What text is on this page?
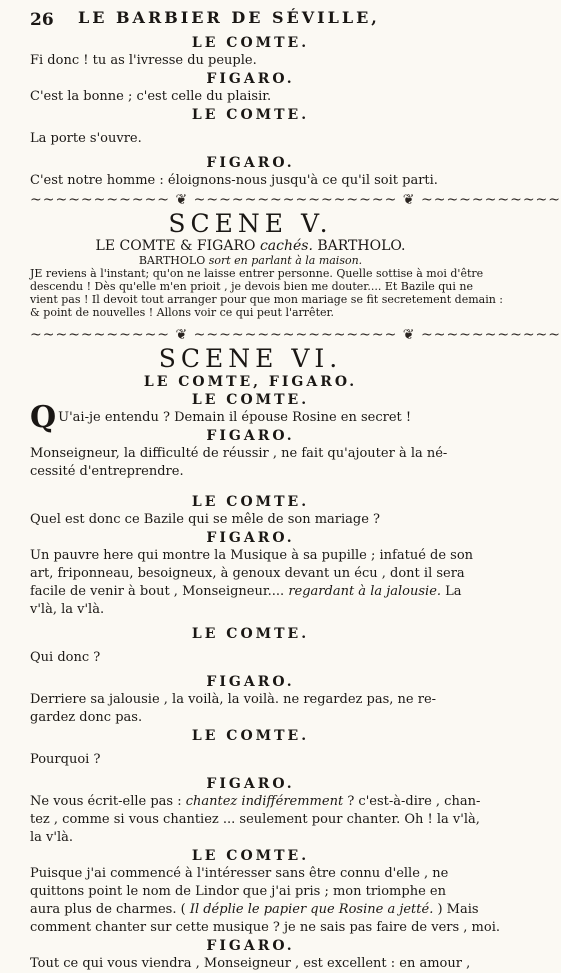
26 LE BARBIER DE SÉVILLE,
LE COMTE.
Fi donc ! tu as l'ivresse du peuple.
FIGARO.
C'est la bonne ; c'est celle du plaisir.
LE COMTE.
La porte s'ouvre.
FIGARO.
C'est notre homme : éloignons-nous jusqu'à ce qu'il soit parti.
~~~~~~~~~~~ ❦ ~~~~~~~~~~~~~~~~ ❦ ~~~~~~~~~~~
SCENE V.
LE COMTE & FIGARO cachés. BARTHOLO.
BARTHOLO sort en parlant à la maison.
JE reviens à l'instant; qu'on ne laisse entrer personne. Quelle sottise à moi d'être
descendu ! Dès qu'elle m'en prioit , je devois bien me douter.... Et Bazile qui ne
vient pas ! Il devoit tout arranger pour que mon mariage se fit secretement demain :
& point de nouvelles ! Allons voir ce qui peut l'arrêter.
~~~~~~~~~~~ ❦ ~~~~~~~~~~~~~~~~ ❦ ~~~~~~~~~~~
SCENE VI.
LE COMTE, FIGARO.
LE COMTE.
Q U'ai-je entendu ? Demain il épouse Rosine en secret !
FIGARO.
Monseigneur, la difficulté de réussir , ne fait qu'ajouter à la né-
cessité d'entreprendre.
LE COMTE.
Quel est donc ce Bazile qui se mêle de son mariage ?
FIGARO.
Un pauvre here qui montre la Musique à sa pupille ; infatué de son
art, friponneau, besoigneux, à genoux devant un écu , dont il sera
facile de venir à bout , Monseigneur.... regardant à la jalousie. La
v'là, la v'là.
LE COMTE.
Qui donc ?
FIGARO.
Derriere sa jalousie , la voilà, la voilà. ne regardez pas, ne re-
gardez donc pas.
LE COMTE.
Pourquoi ?
FIGARO.
Ne vous écrit-elle pas : chantez indifféremment ? c'est-à-dire , chan-
tez , comme si vous chantiez ... seulement pour chanter. Oh ! la v'là,
la v'là.
LE COMTE.
Puisque j'ai commencé à l'intéresser sans être connu d'elle , ne
quittons point le nom de Lindor que j'ai pris ; mon triomphe en
aura plus de charmes. ( Il déplie le papier que Rosine a jetté. ) Mais
comment chanter sur cette musique ? je ne sais pas faire de vers , moi.
FIGARO.
Tout ce qui vous viendra , Monseigneur , est excellent : en amour ,
